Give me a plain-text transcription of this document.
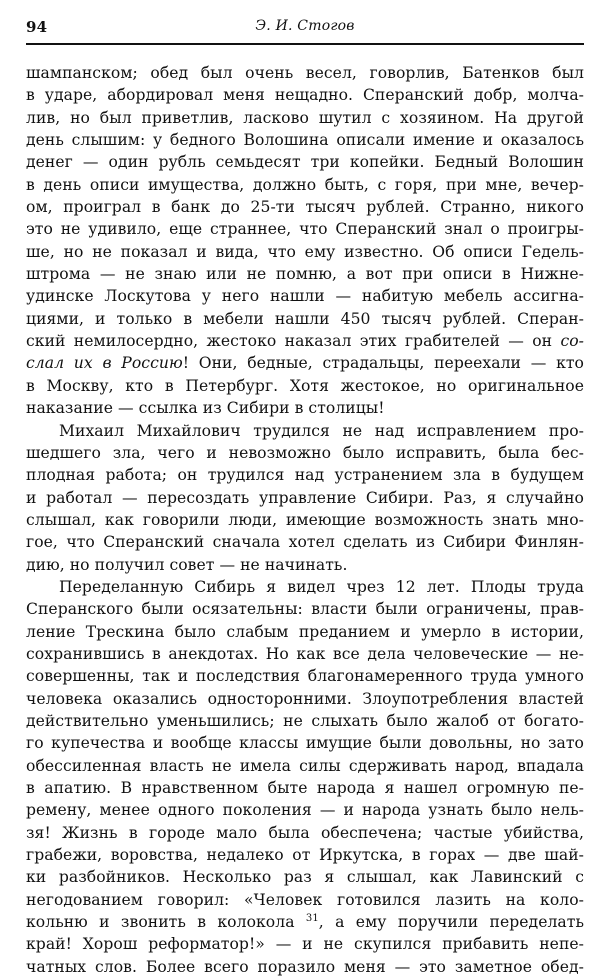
94	Э. И. Стогов
шампанском; обед был очень весел, говорлив, Батенков был
в ударе, абордировал меня нещадно. Сперанский добр, молча-
лив, но был приветлив, ласково шутил с хозяином. На другой
день слышим: у бедного Волошина описали имение и оказалось
денег — один рубль семьдесят три копейки. Бедный Волошин
в день описи имущества, должно быть, с горя, при мне, вечер-
ом, проиграл в банк до 25-ти тысяч рублей. Странно, никого
это не удивило, еще страннее, что Сперанский знал о проигры-
ше, но не показал и вида, что ему известно. Об описи Гедель-
штрома — не знаю или не помню, а вот при описи в Нижне-
удинске Лоскутова у него нашли — набитую мебель ассигна-
циями, и только в мебели нашли 450 тысяч рублей. Сперан-
ский немилосердно, жестоко наказал этих грабителей — он со-
слал их в Россию! Они, бедные, страдальцы, переехали — кто
в Москву, кто в Петербург. Хотя жестокое, но оригинальное
наказание — ссылка из Сибири в столицы!
Михаил Михайлович трудился не над исправлением про-
шедшего зла, чего и невозможно было исправить, была бес-
плодная работа; он трудился над устранением зла в будущем
и работал — пересоздать управление Сибири. Раз, я случайно
слышал, как говорили люди, имеющие возможность знать мно-
гое, что Сперанский сначала хотел сделать из Сибири Финлян-
дию, но получил совет — не начинать.
Переделанную Сибирь я видел чрез 12 лет. Плоды труда
Сперанского были осязательны: власти были ограничены, прав-
ление Трескина было слабым преданием и умерло в истории,
сохранившись в анекдотах. Но как все дела человеческие — не-
совершенны, так и последствия благонамеренного труда умного
человека оказались односторонними. Злоупотребления властей
действительно уменьшились; не слыхать было жалоб от богато-
го купечества и вообще классы имущие были довольны, но зато
обессиленная власть не имела силы сдерживать народ, впадала
в апатию. В нравственном быте народа я нашел огромную пе-
ремену, менее одного поколения — и народа узнать было нель-
зя! Жизнь в городе мало была обеспечена; частые убийства,
грабежи, воровства, недалеко от Иркутска, в горах — две шай-
ки разбойников. Несколько раз я слышал, как Лавинский с
негодованием говорил: «Человек готовился лазить на коло-
кольню и звонить в колокола $^{31}$, а ему поручили переделать
край! Хорош реформатор!» — и не скупился прибавить непе-
чатных слов. Более всего поразило меня — это заметное обед-
